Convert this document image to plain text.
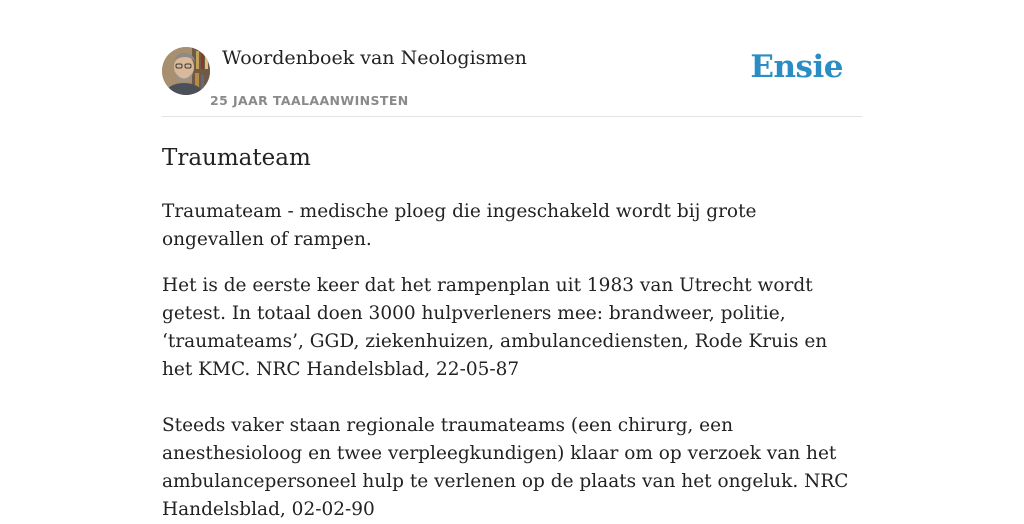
Woordenboek van Neologismen
25 JAAR TAALAANWINSTEN
Ensie
Traumateam

Traumateam - medische ploeg die ingeschakeld wordt bij grote ongevallen of rampen.

Het is de eerste keer dat het rampenplan uit 1983 van Utrecht wordt getest. In totaal doen 3000 hulpverleners mee: brandweer, politie, ‘traumateams’, GGD, ziekenhuizen, ambulancediensten, Rode Kruis en het KMC. NRC Handelsblad, 22-05-87

Steeds vaker staan regionale traumateams (een chirurg, een anesthesioloog en twee verpleegkundigen) klaar om op verzoek van het ambulancepersoneel hulp te verlenen op de plaats van het ongeluk. NRC Handelsblad, 02-02-90
